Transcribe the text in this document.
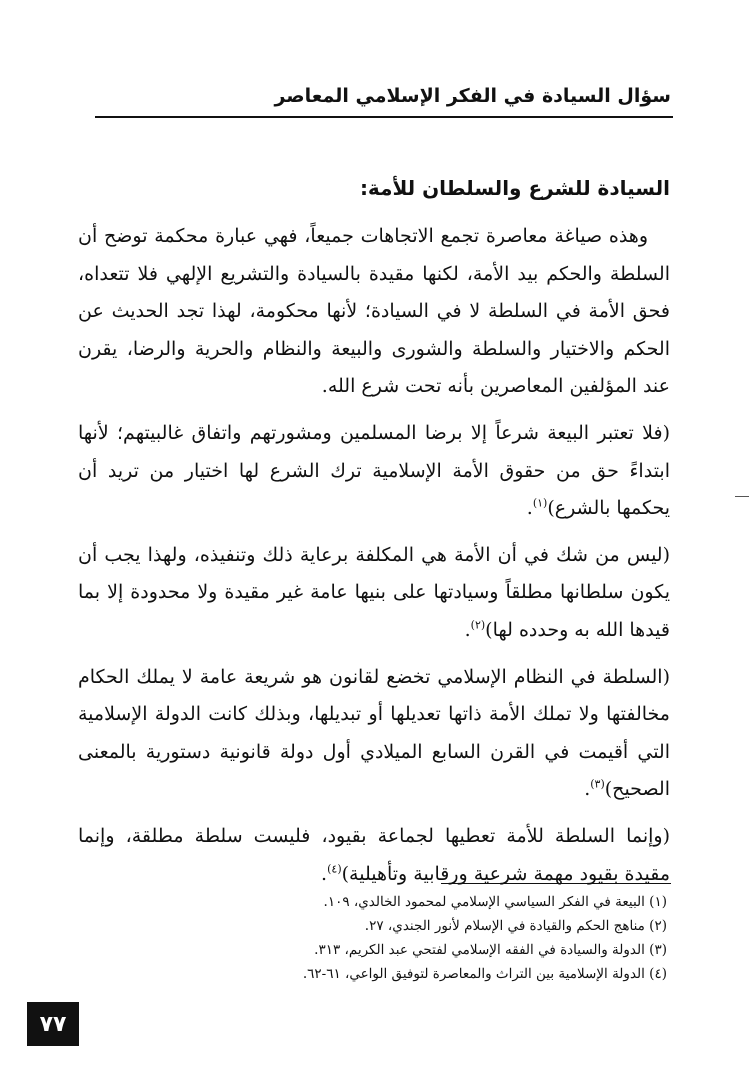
سؤال السيادة في الفكر الإسلامي المعاصر
السيادة للشرع والسلطان للأمة:

وهذه صياغة معاصرة تجمع الاتجاهات جميعاً، فهي عبارة محكمة توضح أن السلطة والحكم بيد الأمة، لكنها مقيدة بالسيادة والتشريع الإلهي فلا تتعداه، فحق الأمة في السلطة لا في السيادة؛ لأنها محكومة، لهذا تجد الحديث عن الحكم والاختيار والسلطة والشورى والبيعة والنظام والحرية والرضا، يقرن عند المؤلفين المعاصرين بأنه تحت شرع الله.

(فلا تعتبر البيعة شرعاً إلا برضا المسلمين ومشورتهم واتفاق غالبيتهم؛ لأنها ابتداءً حق من حقوق الأمة الإسلامية ترك الشرع لها اختيار من تريد أن يحكمها بالشرع)$^{(١)}$.

(ليس من شك في أن الأمة هي المكلفة برعاية ذلك وتنفيذه، ولهذا يجب أن يكون سلطانها مطلقاً وسيادتها على بنيها عامة غير مقيدة ولا محدودة إلا بما قيدها الله به وحدده لها)$^{(٢)}$.

(السلطة في النظام الإسلامي تخضع لقانون هو شريعة عامة لا يملك الحكام مخالفتها ولا تملك الأمة ذاتها تعديلها أو تبديلها، وبذلك كانت الدولة الإسلامية التي أقيمت في القرن السابع الميلادي أول دولة قانونية دستورية بالمعنى الصحيح)$^{(٣)}$.

(وإنما السلطة للأمة تعطيها لجماعة بقيود، فليست سلطة مطلقة، وإنما مقيدة بقيود مهمة شرعية ورقابية وتأهيلية)$^{(٤)}$.

(١) البيعة في الفكر السياسي الإسلامي لمحمود الخالدي، ١٠٩.

(٢) مناهج الحكم والقيادة في الإسلام لأنور الجندي، ٢٧.

(٣) الدولة والسيادة في الفقه الإسلامي لفتحي عبد الكريم، ٣١٣.

(٤) الدولة الإسلامية بين التراث والمعاصرة لتوفيق الواعي، ٦١-٦٢.

٧٧
